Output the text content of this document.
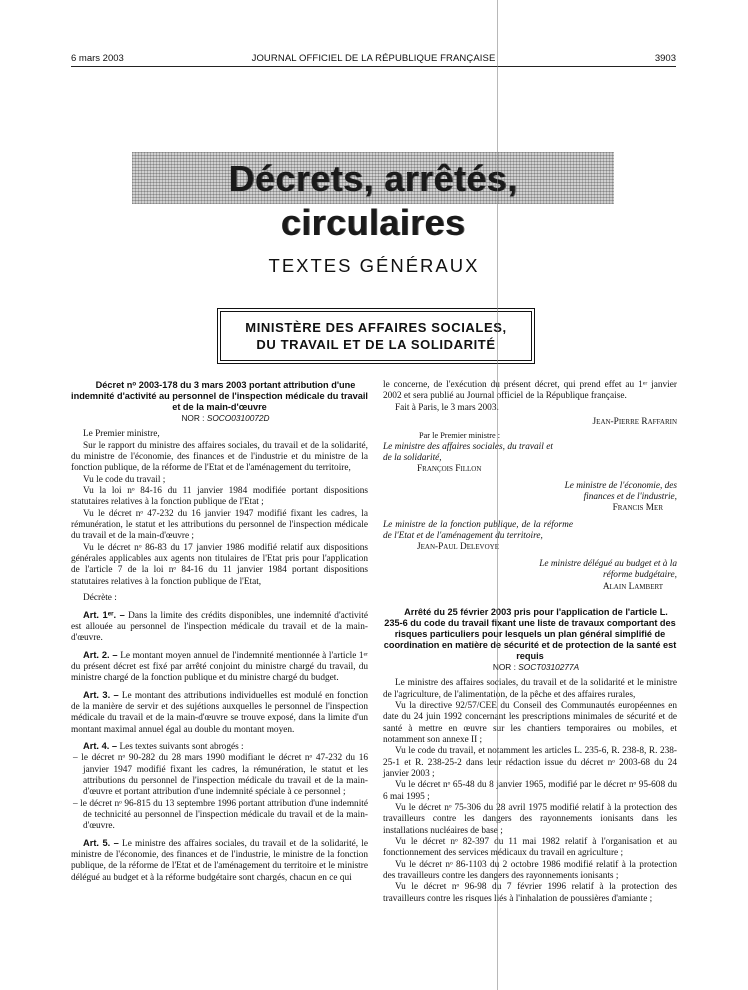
6 mars 2003	JOURNAL OFFICIEL DE LA RÉPUBLIQUE FRANÇAISE	3903
Décrets, arrêtés, circulaires
TEXTES GÉNÉRAUX
MINISTÈRE DES AFFAIRES SOCIALES,
DU TRAVAIL ET DE LA SOLIDARITÉ

Décret nᵒ 2003-178 du 3 mars 2003 portant attribution d'une indemnité d'activité au personnel de l'inspection médicale du travail et de la main-d'œuvre

NOR : SOCO0310072D

Le Premier ministre,

Sur le rapport du ministre des affaires sociales, du travail et de la solidarité, du ministre de l'économie, des finances et de l'industrie et du ministre de la fonction publique, de la réforme de l'Etat et de l'aménagement du territoire,

Vu le code du travail ;

Vu la loi nᵒ 84-16 du 11 janvier 1984 modifiée portant dispositions statutaires relatives à la fonction publique de l'Etat ;

Vu le décret nᵒ 47-232 du 16 janvier 1947 modifié fixant les cadres, la rémunération, le statut et les attributions du personnel de l'inspection médicale du travail et de la main-d'œuvre ;

Vu le décret nᵒ 86-83 du 17 janvier 1986 modifié relatif aux dispositions générales applicables aux agents non titulaires de l'Etat pris pour l'application de l'article 7 de la loi nᵒ 84-16 du 11 janvier 1984 portant dispositions statutaires relatives à la fonction publique de l'Etat,

Décrète :

Art. 1ᵉʳ. – Dans la limite des crédits disponibles, une indemnité d'activité est allouée au personnel de l'inspection médicale du travail et de la main-d'œuvre.

Art. 2. – Le montant moyen annuel de l'indemnité mentionnée à l'article 1ᵉʳ du présent décret est fixé par arrêté conjoint du ministre chargé du travail, du ministre chargé de la fonction publique et du ministre chargé du budget.

Art. 3. – Le montant des attributions individuelles est modulé en fonction de la manière de servir et des sujétions auxquelles le personnel de l'inspection médicale du travail et de la main-d'œuvre se trouve exposé, dans la limite d'un montant maximal annuel égal au double du montant moyen.

Art. 4. – Les textes suivants sont abrogés :

– le décret nᵒ 90-282 du 28 mars 1990 modifiant le décret nᵒ 47-232 du 16 janvier 1947 modifié fixant les cadres, la rémunération, le statut et les attributions du personnel de l'inspection médicale du travail et de la main-d'œuvre et portant attribution d'une indemnité spéciale à ce personnel ;
– le décret nᵒ 96-815 du 13 septembre 1996 portant attribution d'une indemnité de technicité au personnel de l'inspection médicale du travail et de la main-d'œuvre.

Art. 5. – Le ministre des affaires sociales, du travail et de la solidarité, le ministre de l'économie, des finances et de l'industrie, le ministre de la fonction publique, de la réforme de l'Etat et de l'aménagement du territoire et le ministre délégué au budget et à la réforme budgétaire sont chargés, chacun en ce qui

le concerne, de l'exécution du présent décret, qui prend effet au 1ᵉʳ janvier 2002 et sera publié au Journal officiel de la République française.

Fait à Paris, le 3 mars 2003.

Jean-Pierre Raffarin

Par le Premier ministre :

Le ministre des affaires sociales, du travail et de la solidarité,

François Fillon

Le ministre de l'économie, des finances et de l'industrie,

Francis Mer

Le ministre de la fonction publique, de la réforme de l'Etat et de l'aménagement du territoire,

Jean-Paul Delevoye

Le ministre délégué au budget et à la réforme budgétaire,

Alain Lambert

Arrêté du 25 février 2003 pris pour l'application de l'article L. 235-6 du code du travail fixant une liste de travaux comportant des risques particuliers pour lesquels un plan général simplifié de coordination en matière de sécurité et de protection de la santé est requis

NOR : SOCT0310277A

Le ministre des affaires sociales, du travail et de la solidarité et le ministre de l'agriculture, de l'alimentation, de la pêche et des affaires rurales,

Vu la directive 92/57/CEE du Conseil des Communautés européennes en date du 24 juin 1992 concernant les prescriptions minimales de sécurité et de santé à mettre en œuvre sur les chantiers temporaires ou mobiles, et notamment son annexe II ;

Vu le code du travail, et notamment les articles L. 235-6, R. 238-8, R. 238-25-1 et R. 238-25-2 dans leur rédaction issue du décret nᵒ 2003-68 du 24 janvier 2003 ;

Vu le décret nᵒ 65-48 du 8 janvier 1965, modifié par le décret nᵒ 95-608 du 6 mai 1995 ;

Vu le décret nᵒ 75-306 du 28 avril 1975 modifié relatif à la protection des travailleurs contre les dangers des rayonnements ionisants dans les installations nucléaires de base ;

Vu le décret nᵒ 82-397 du 11 mai 1982 relatif à l'organisation et au fonctionnement des services médicaux du travail en agriculture ;

Vu le décret nᵒ 86-1103 du 2 octobre 1986 modifié relatif à la protection des travailleurs contre les dangers des rayonnements ionisants ;

Vu le décret nᵒ 96-98 du 7 février 1996 relatif à la protection des travailleurs contre les risques liés à l'inhalation de poussières d'amiante ;
